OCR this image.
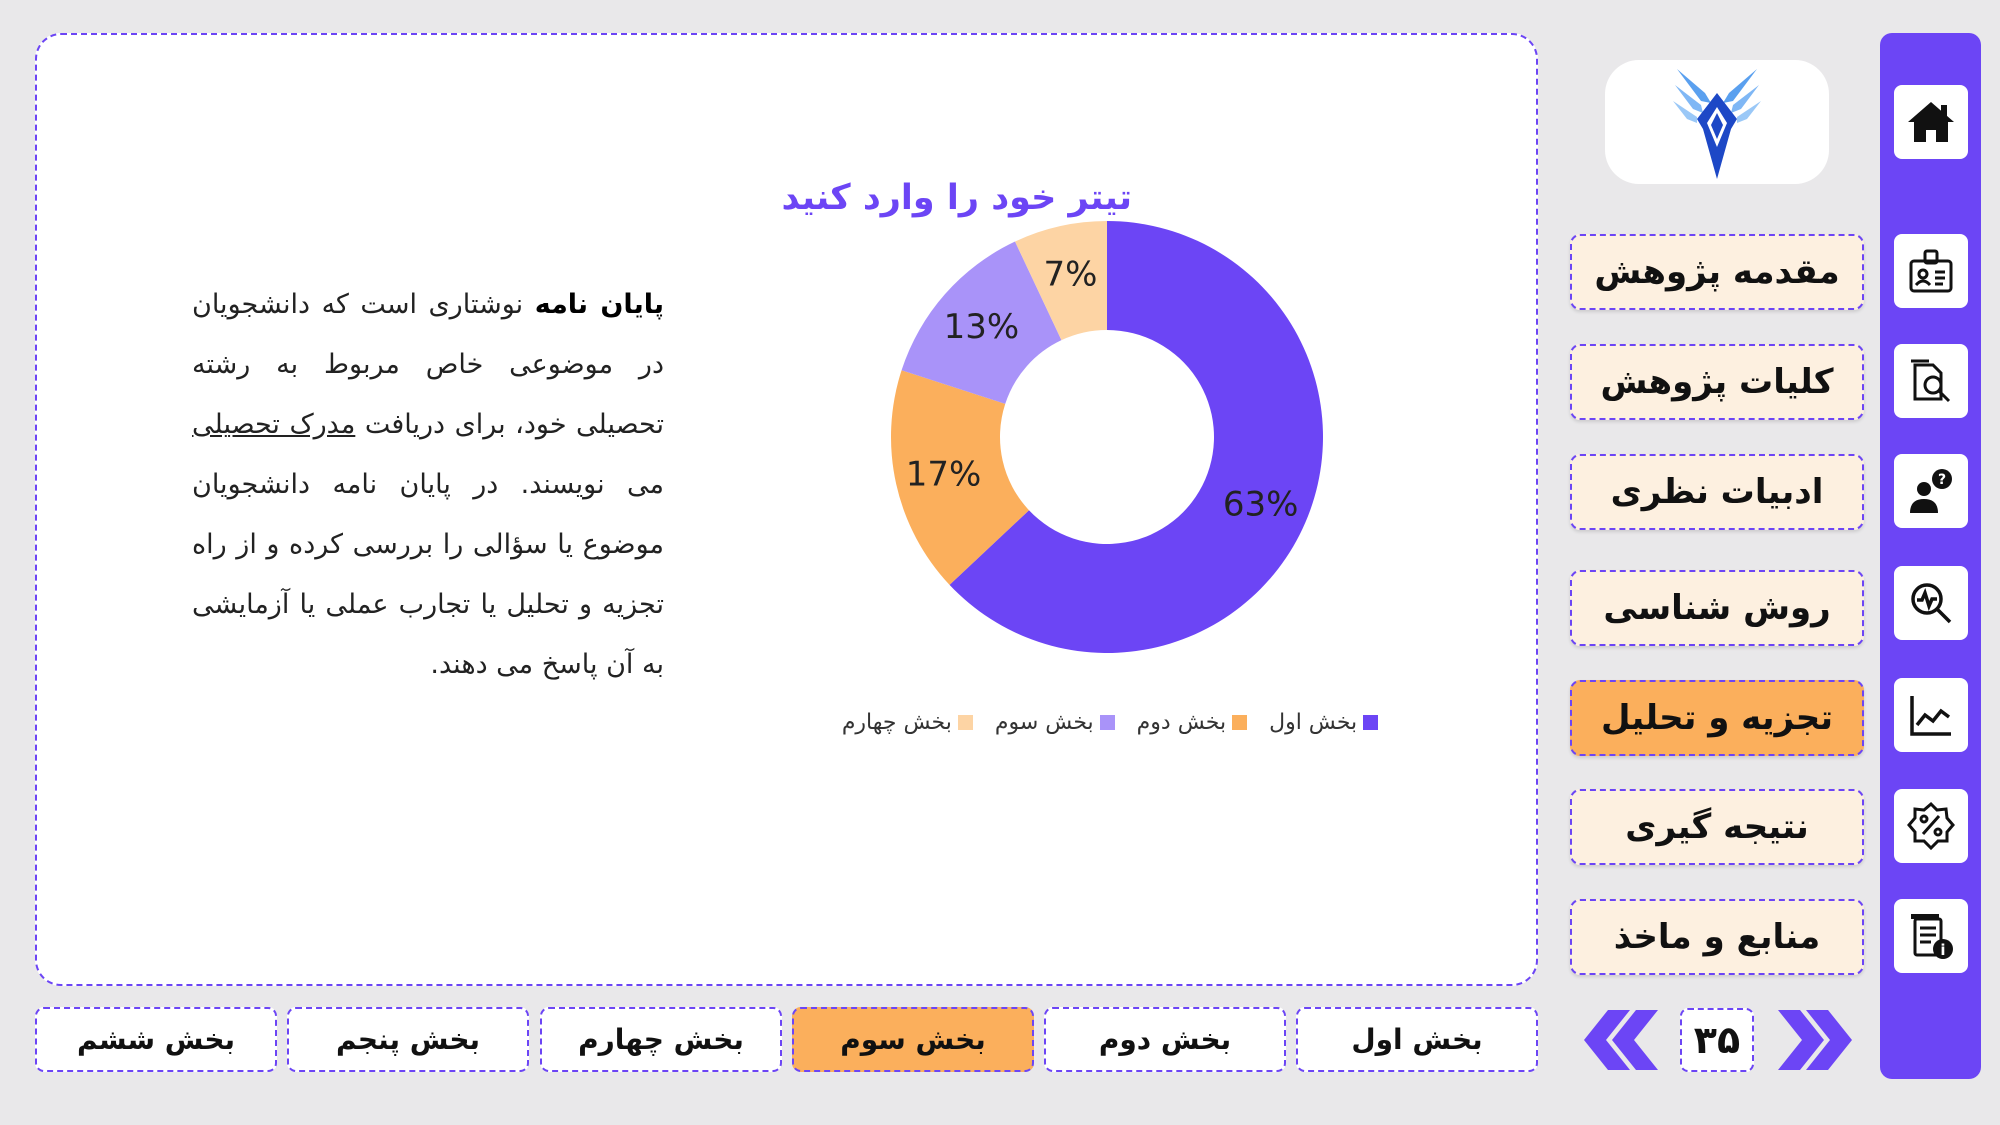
تیتر خود را وارد کنید
پایان نامه نوشتاری است که دانشجویان در موضوعی خاص مربوط به رشته تحصیلی خود، برای دریافت مدرک تحصیلی می نویسند. در پایان نامه دانشجویان موضوع یا سؤالی را بررسی کرده و از راه تجزیه و تحلیل یا تجارب عملی یا آزمایشی به آن پاسخ می دهند.
63%
17%
13%
7%
بخش اول
بخش دوم
بخش سوم
بخش چهارم
?
i
مقدمه پژوهش
کلیات پژوهش
ادبیات نظری
روش شناسی
تجزیه و تحلیل
نتیجه گیری
منابع و ماخذ
بخش اول
بخش دوم
بخش سوم
بخش چهارم
بخش پنجم
بخش ششم	۳۵
